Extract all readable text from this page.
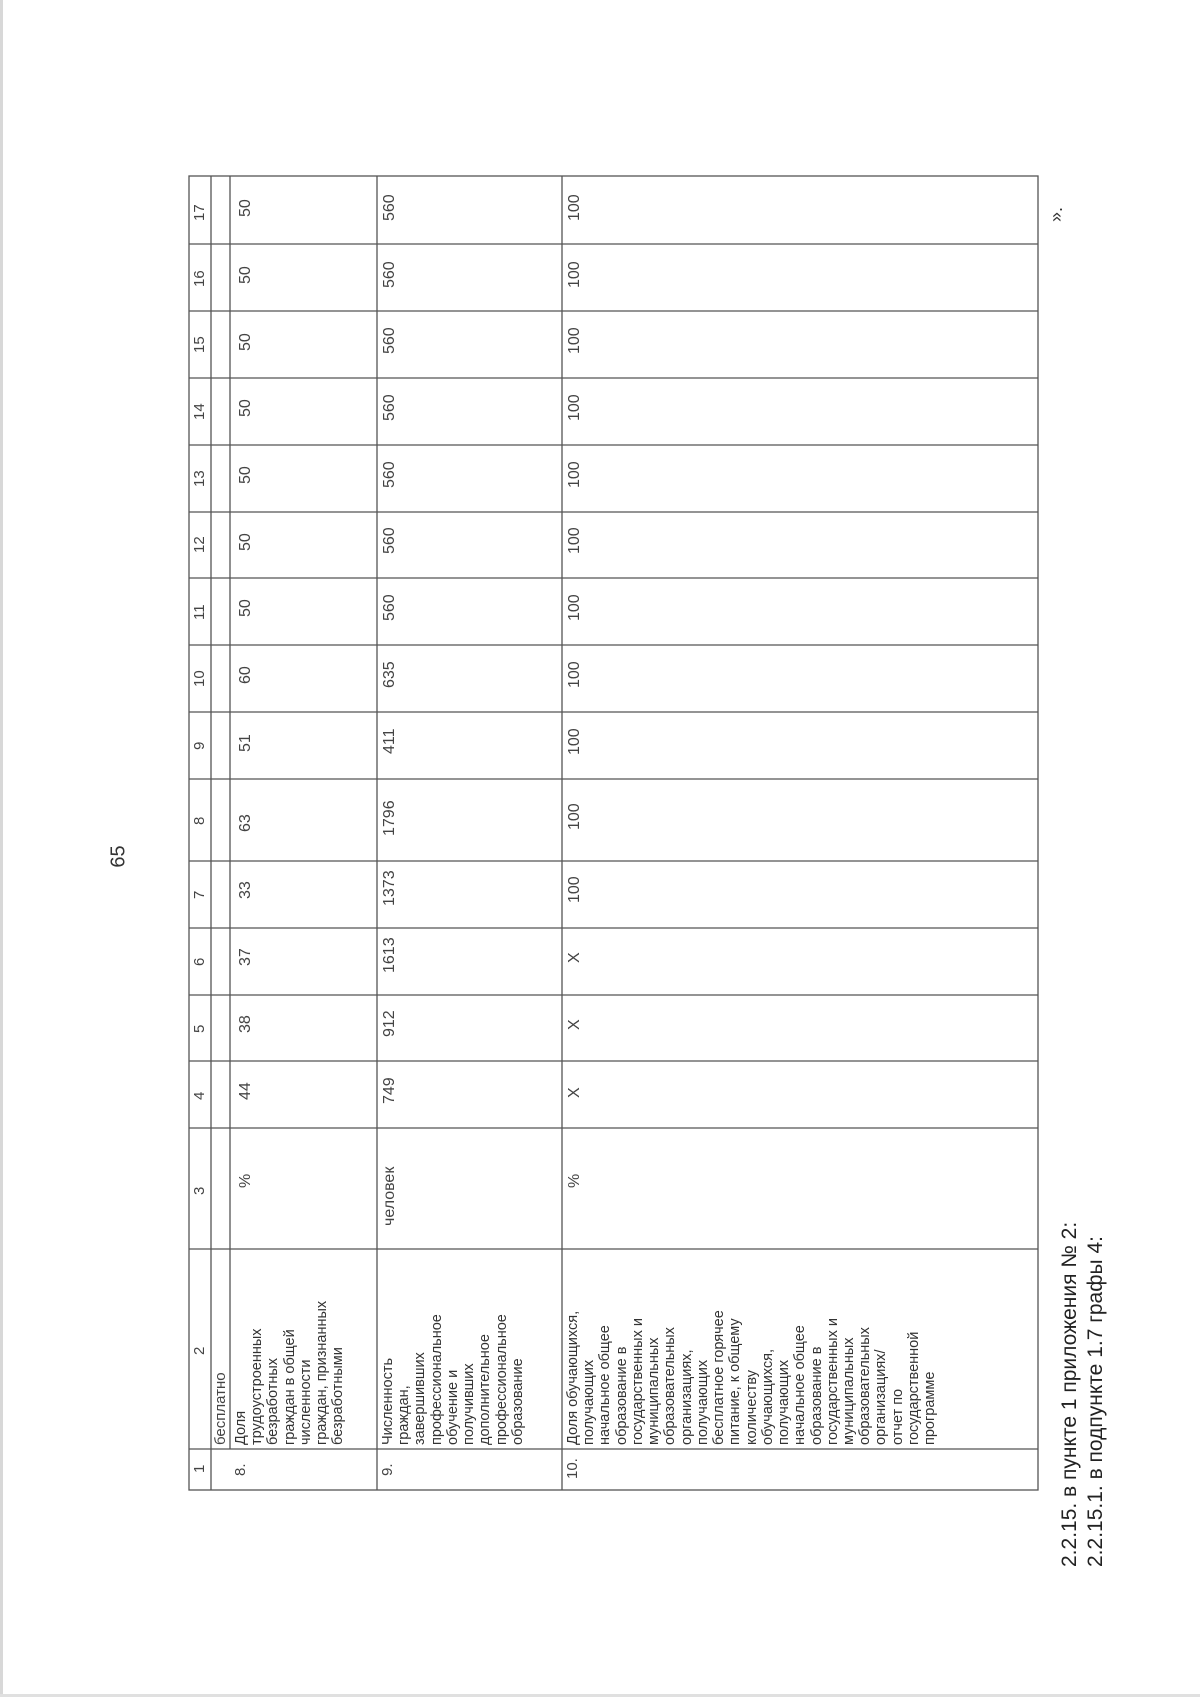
65
1
2
3
4
5
6
7
8
9
10
11
12
13
14
15
16
17
бесплатно
8.
Доля трудоустроенных безработных граждан в общей численности граждан, признанных безработными
%
44
38
37
33
63
51
60
50
50
50
50
50
50
50
9.
Численность граждан, завершивших профессиональное обучение и получивших дополнительное профессиональное образование
человек
749
912
1613
1373
1796
411
635
560
560
560
560
560
560
560
10.
Доля обучающихся, получающих начальное общее образование в государственных и муниципальных образовательных организациях, получающих бесплатное горячее питание, к общему количеству обучающихся, получающих начальное общее образование в государственных и муниципальных образовательных организациях/ отчет по государственной программе
%
X
X
X
100
100
100
100
100
100
100
100
100
100
100	».
2.2.15. в пункте 1 приложения № 2: 2.2.15.1. в подпункте 1.7 графы 4:
